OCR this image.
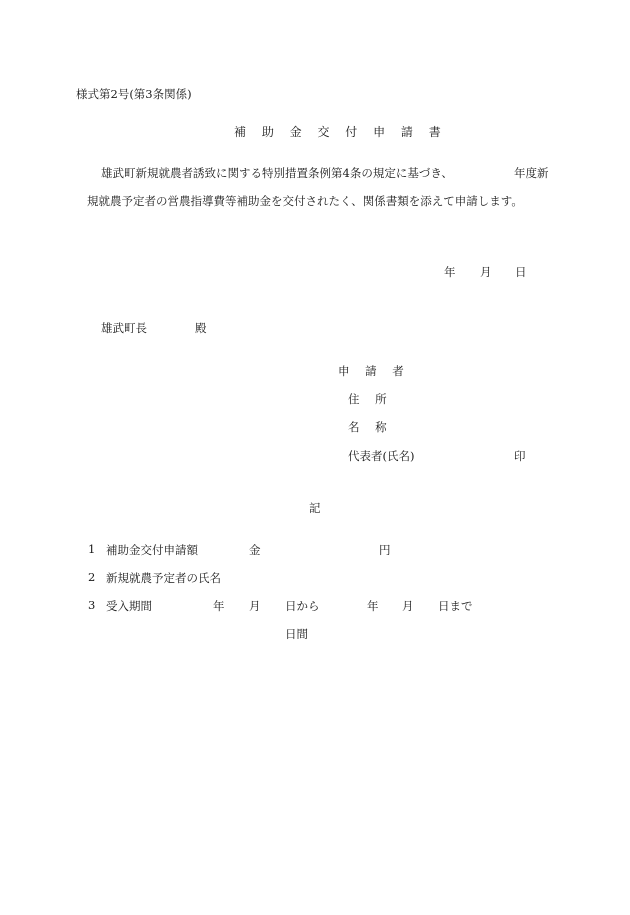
様式第2号(第3条関係)
補 助 金 交 付 申 請 書
雄武町新規就農者誘致に関する特別措置条例第4条の規定に基づき、	年度新
規就農予定者の営農指導費等補助金を交付されたく、関係書類を添えて申請します。
年 月 日
雄武町長	殿
申 請 者
住 所
名 称
代表者(氏名)	印
記
1 補助金交付申請額	金	円
2 新規就農予定者の氏名
3 受入期間	年 月 日から	年 月 日まで
日間
